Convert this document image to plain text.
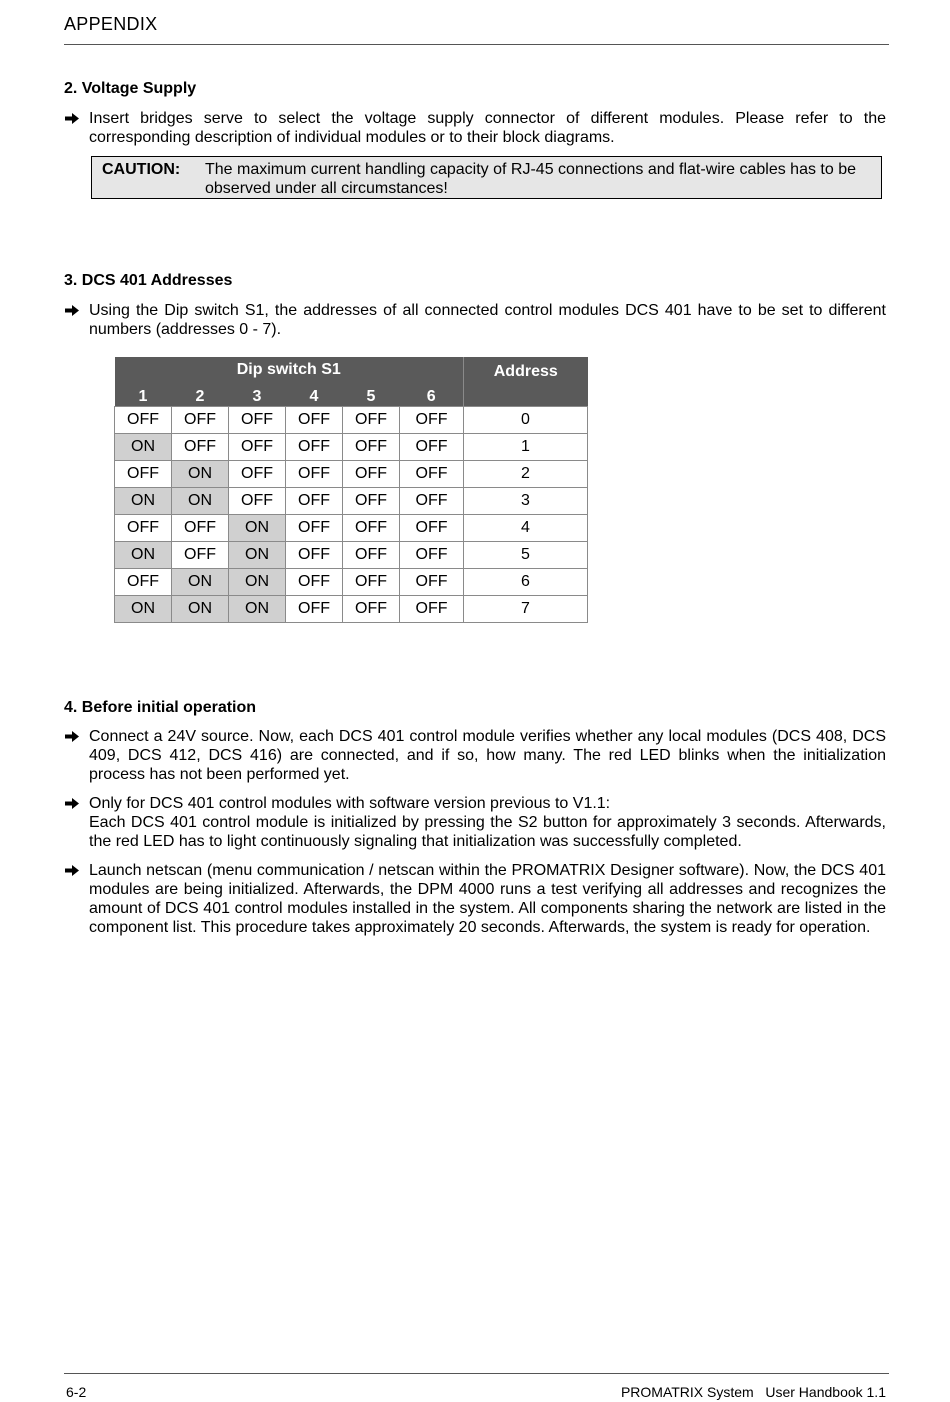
APPENDIX
2. Voltage Supply
Insert bridges serve to select the voltage supply connector of different modules. Please refer to the corresponding description of individual modules or to their block diagrams.
CAUTION: The maximum current handling capacity of RJ-45 connections and flat-wire cables has to be observed under all circumstances!
3. DCS 401 Addresses
Using the Dip switch S1, the addresses of all connected control modules DCS 401 have to be set to different numbers (addresses 0 - 7).
Dip switch S1						Address
1	2	3	4	5	6	
OFF	OFF	OFF	OFF	OFF	OFF	0
ON	OFF	OFF	OFF	OFF	OFF	1
OFF	ON	OFF	OFF	OFF	OFF	2
ON	ON	OFF	OFF	OFF	OFF	3
OFF	OFF	ON	OFF	OFF	OFF	4
ON	OFF	ON	OFF	OFF	OFF	5
OFF	ON	ON	OFF	OFF	OFF	6
ON	ON	ON	OFF	OFF	OFF	7
4. Before initial operation
Connect a 24V source. Now, each DCS 401 control module verifies whether any local modules (DCS 408, DCS 409, DCS 412, DCS 416) are connected, and if so, how many. The red LED blinks when the initialization process has not been performed yet.
Only for DCS 401 control modules with software version previous to V1.1:
Each DCS 401 control module is initialized by pressing the S2 button for approximately 3 seconds. Afterwards, the red LED has to light continuously signaling that initialization was successfully completed.
Launch netscan (menu communication / netscan within the PROMATRIX Designer software). Now, the DCS 401 modules are being initialized. Afterwards, the DPM 4000 runs a test verifying all addresses and recognizes the amount of DCS 401 control modules installed in the system. All components sharing the network are listed in the component list. This procedure takes approximately 20 seconds. Afterwards, the system is ready for operation.
6-2	PROMATRIX System   User Handbook 1.1
